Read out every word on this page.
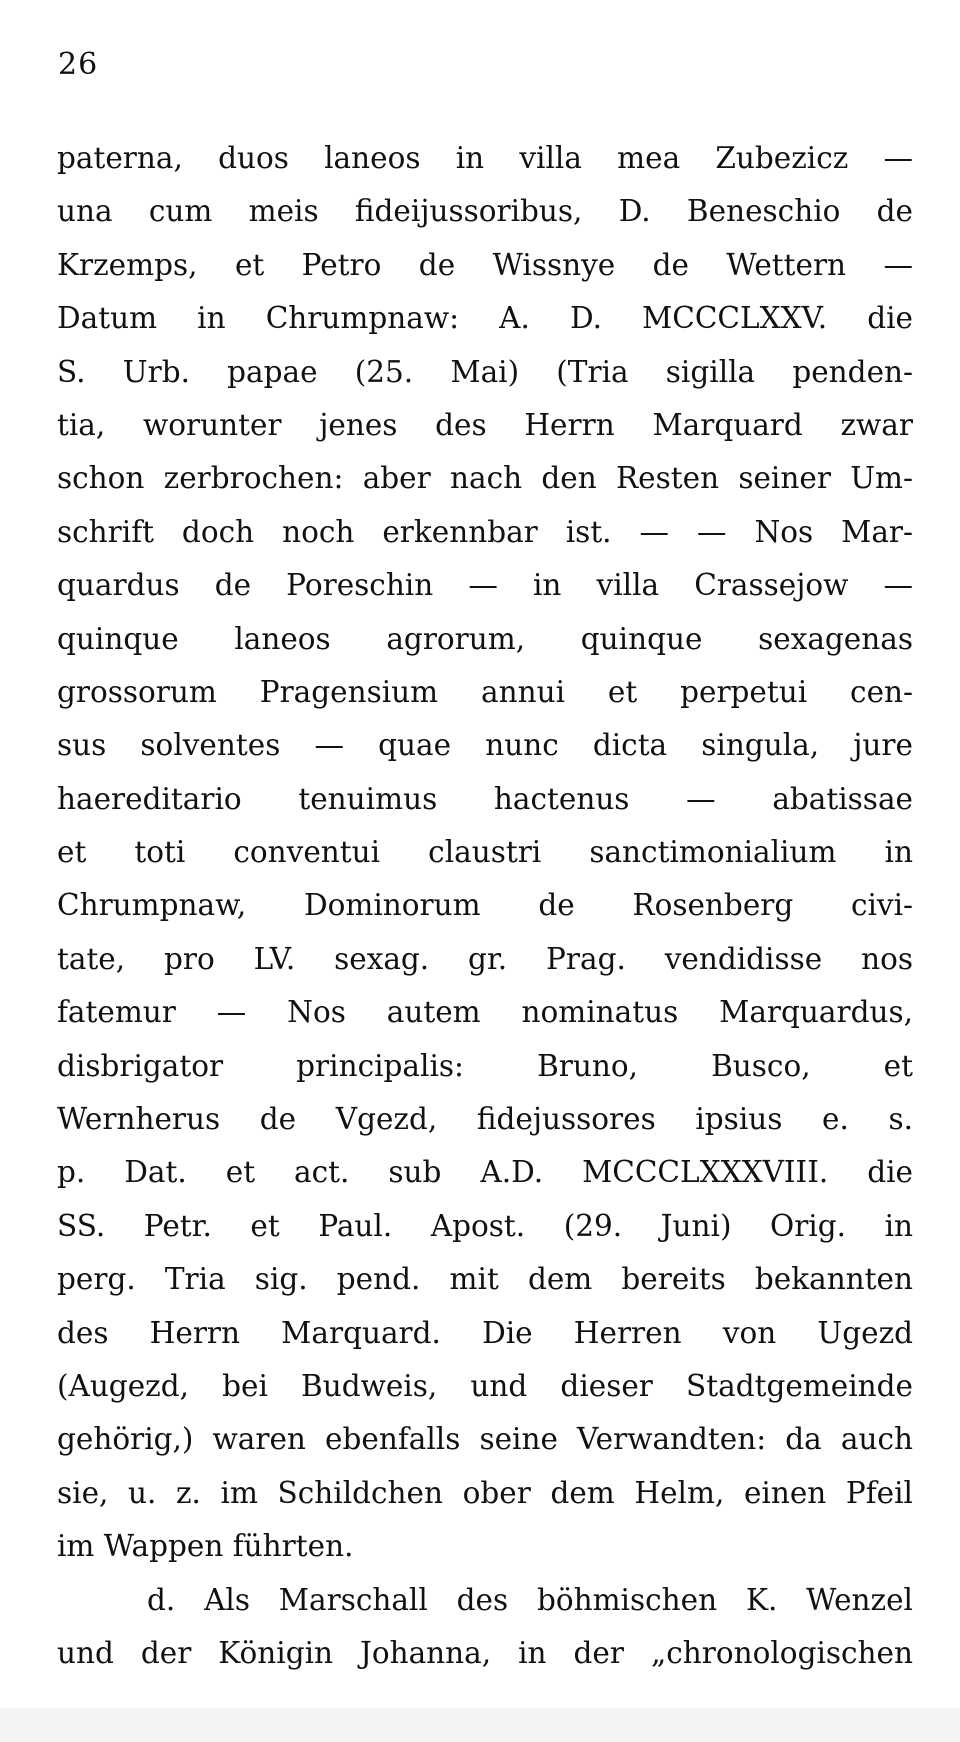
26
paterna, duos laneos in villa mea Zubezicz —
una cum meis fideijussoribus, D. Beneschio de
Krzemps, et Petro de Wissnye de Wettern —
Datum in Chrumpnaw: A. D. MCCCLXXV. die
S. Urb. papae (25. Mai) (Tria sigilla penden-
tia, worunter jenes des Herrn Marquard zwar
schon zerbrochen: aber nach den Resten seiner Um-
schrift doch noch erkennbar ist. — — Nos Mar-
quardus de Poreschin — in villa Crassejow —
quinque laneos agrorum, quinque sexagenas
grossorum Pragensium annui et perpetui cen-
sus solventes — quae nunc dicta singula, jure
haereditario tenuimus hactenus — abatissae
et toti conventui claustri sanctimonialium in
Chrumpnaw, Dominorum de Rosenberg civi-
tate, pro LV. sexag. gr. Prag. vendidisse nos
fatemur — Nos autem nominatus Marquardus,
disbrigator principalis: Bruno, Busco, et
Wernherus de Vgezd, fidejussores ipsius e. s.
p. Dat. et act. sub A.D. MCCCLXXXVIII. die
SS. Petr. et Paul. Apost. (29. Juni) Orig. in
perg. Tria sig. pend. mit dem bereits bekannten
des Herrn Marquard. Die Herren von Ugezd
(Augezd, bei Budweis, und dieser Stadtgemeinde
gehörig,) waren ebenfalls seine Verwandten: da auch
sie, u. z. im Schildchen ober dem Helm, einen Pfeil
im Wappen führten.
d. Als Marschall des böhmischen K. Wenzel
und der Königin Johanna, in der „chronologischen
